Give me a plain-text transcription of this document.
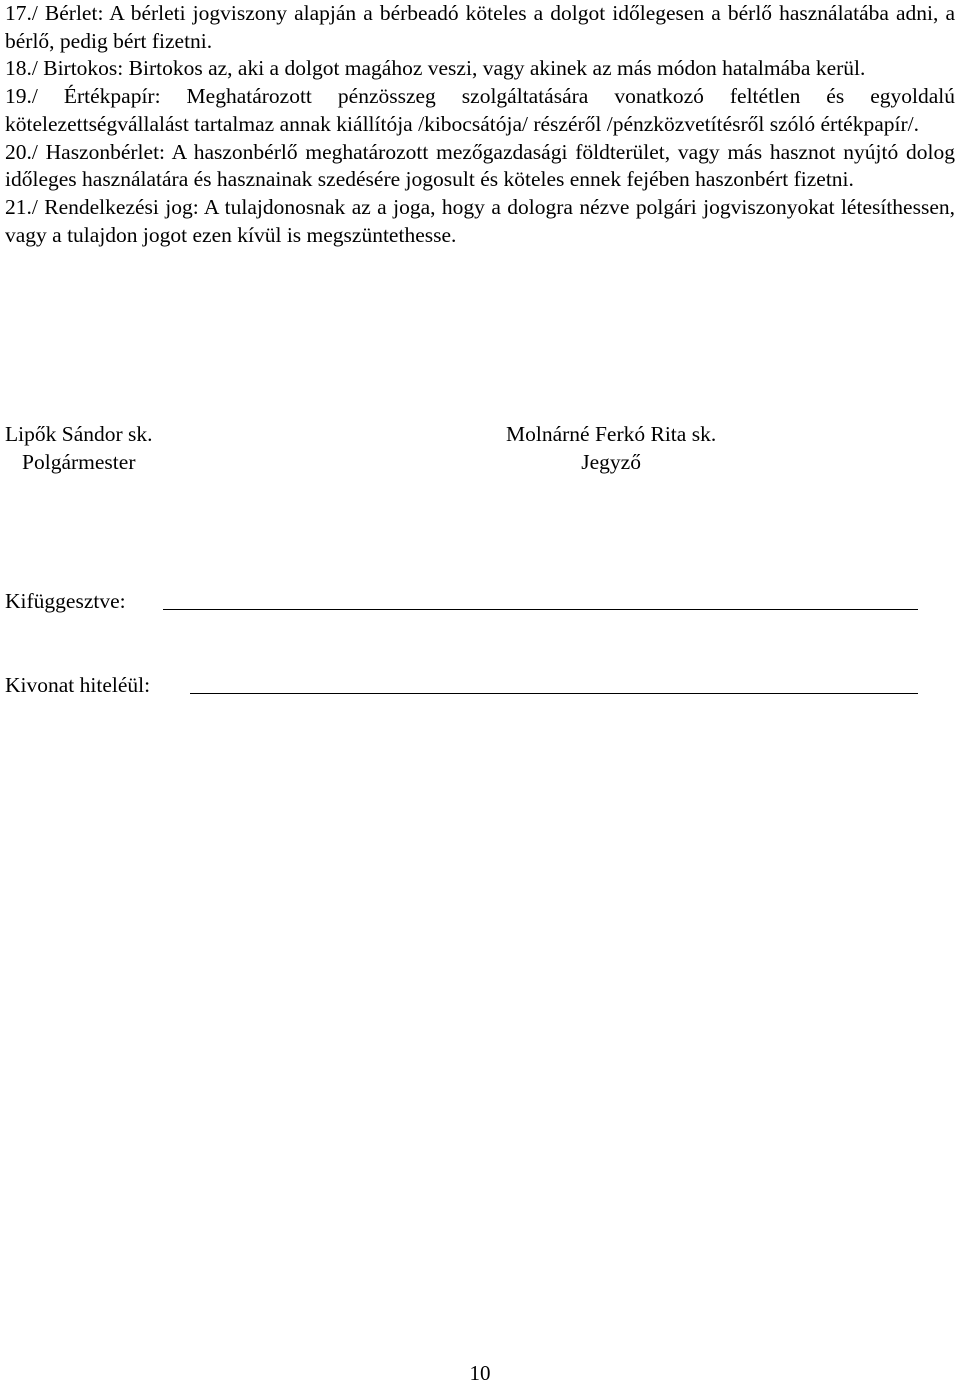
17./ Bérlet: A bérleti jogviszony alapján a bérbeadó köteles a dolgot időlegesen a bérlő használatába adni, a bérlő, pedig bért fizetni.

18./ Birtokos: Birtokos az, aki a dolgot magához veszi, vagy akinek az más módon hatalmába kerül.

19./ Értékpapír: Meghatározott pénzösszeg szolgáltatására vonatkozó feltétlen és egyoldalú kötelezettségvállalást tartalmaz annak kiállítója /kibocsátója/ részéről /pénzközvetítésről szóló értékpapír/.

20./ Haszonbérlet: A haszonbérlő meghatározott mezőgazdasági földterület, vagy más hasznot nyújtó dolog időleges használatára és hasznainak szedésére jogosult és köteles ennek fejében haszonbért fizetni.

21./ Rendelkezési jog: A tulajdonosnak az a joga, hogy a dologra nézve polgári jogviszonyokat létesíthessen, vagy a tulajdon jogot ezen kívül is megszüntethesse.

Lipők Sándor sk.
Polgármester
Molnárné Ferkó Rita sk.
Jegyző
Kifüggesztve:
Kivonat hiteléül:
10
